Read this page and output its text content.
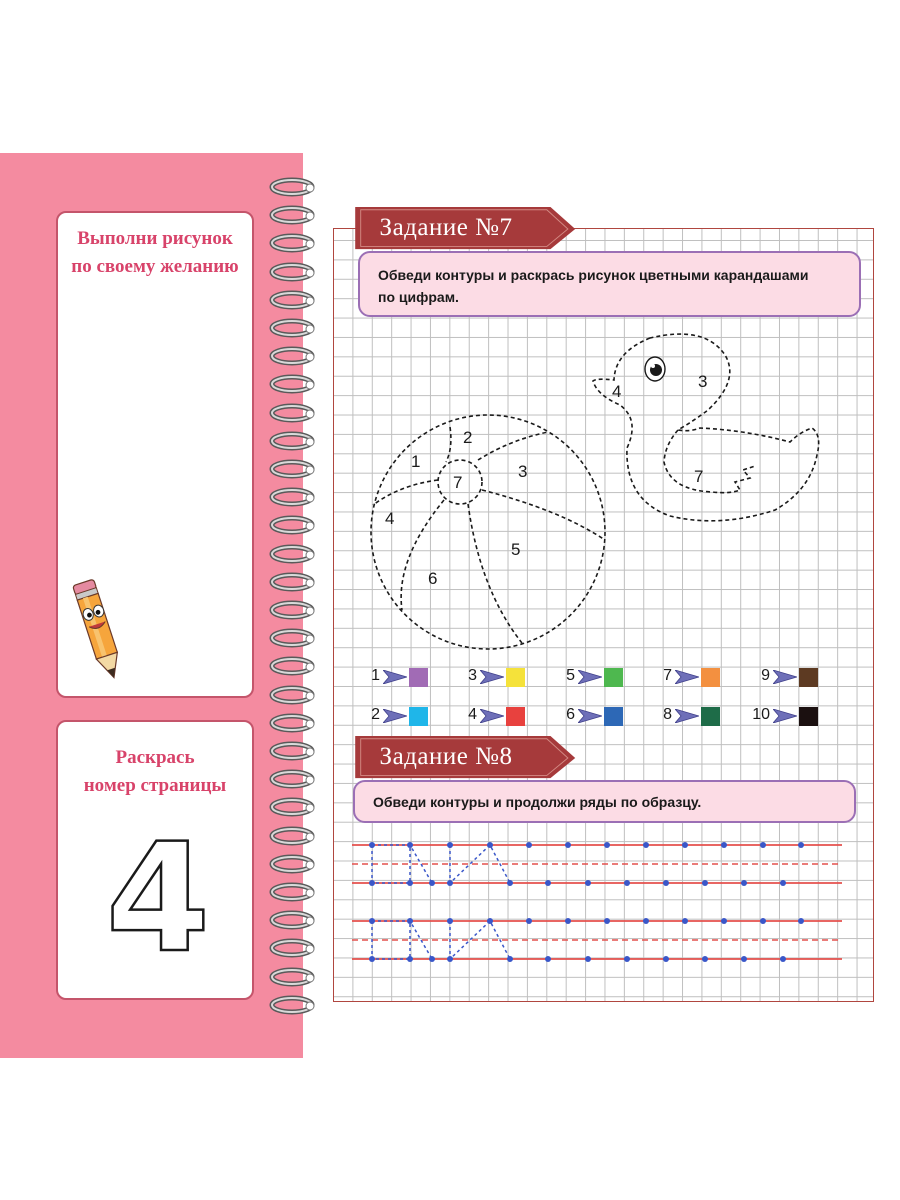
Выполни рисунок
по своему желанию
Раскрась
номер страницы
4
Задание №7
Обведи контуры и раскрась рисунок цветными карандашами
по цифрам.
Задание №8
Обведи контуры и продолжи ряды по образцу.
1
2
3
4
5
6
7
4
3
7
1
2
3
4
5
6
7
8
9
10
